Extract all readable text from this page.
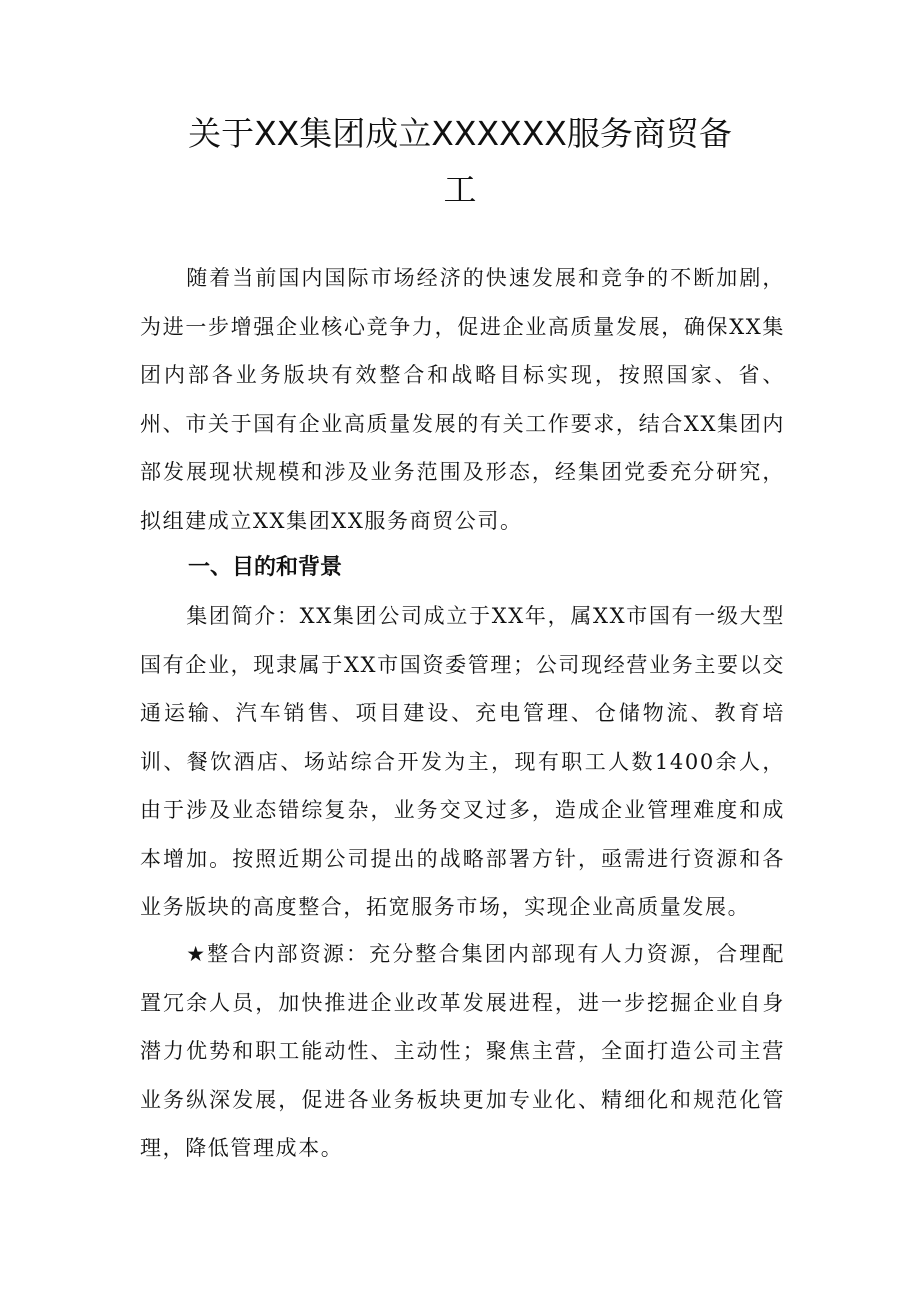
关于XX集团成立XXXXXX服务商贸备
工

随着当前国内国际市场经济的快速发展和竞争的不断加剧，为进一步增强企业核心竞争力，促进企业高质量发展，确保XX集团内部各业务版块有效整合和战略目标实现，按照国家、省、州、市关于国有企业高质量发展的有关工作要求，结合XX集团内部发展现状规模和涉及业务范围及形态，经集团党委充分研究，拟组建成立XX集团XX服务商贸公司。

一、目的和背景

集团简介：XX集团公司成立于XX年，属XX市国有一级大型国有企业，现隶属于XX市国资委管理；公司现经营业务主要以交通运输、汽车销售、项目建设、充电管理、仓储物流、教育培训、餐饮酒店、场站综合开发为主，现有职工人数1400余人，由于涉及业态错综复杂，业务交叉过多，造成企业管理难度和成本增加。按照近期公司提出的战略部署方针，亟需进行资源和各业务版块的高度整合，拓宽服务市场，实现企业高质量发展。

★整合内部资源：充分整合集团内部现有人力资源，合理配置冗余人员，加快推进企业改革发展进程，进一步挖掘企业自身潜力优势和职工能动性、主动性；聚焦主营，全面打造公司主营业务纵深发展，促进各业务板块更加专业化、精细化和规范化管理，降低管理成本。
